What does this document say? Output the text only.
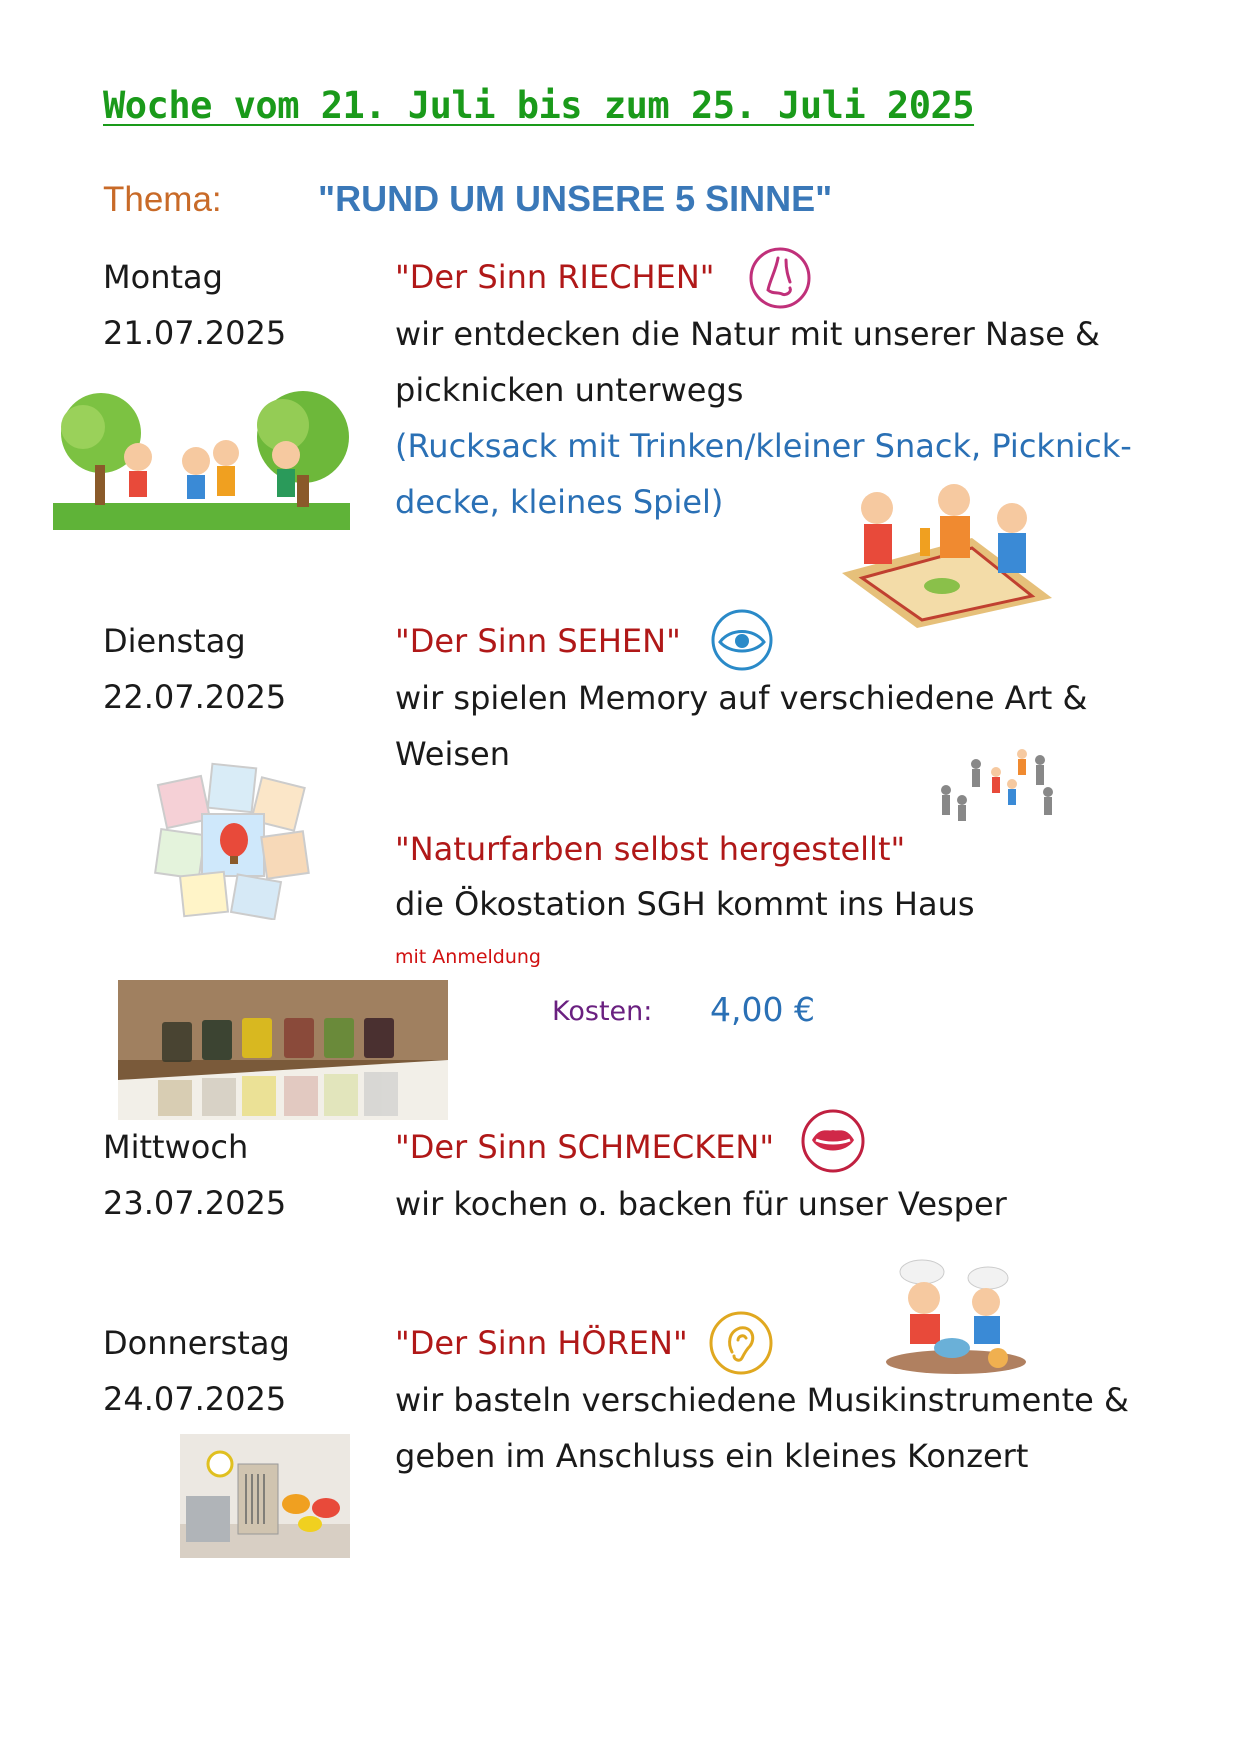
Woche vom 21. Juli bis zum 25. Juli 2025
Thema:	"RUND UM UNSERE 5 SINNE"
Montag
21.07.2025
"Der Sinn RIECHEN"
wir entdecken die Natur mit unserer Nase &
picknicken unterwegs
(Rucksack mit Trinken/kleiner Snack, Picknick-
decke, kleines Spiel)
Dienstag
22.07.2025
"Der Sinn SEHEN"
wir spielen Memory auf verschiedene Art &
Weisen
"Naturfarben selbst hergestellt"
die Ökostation SGH kommt ins Haus
mit Anmeldung
Kosten: 4,00 €
Mittwoch
23.07.2025
"Der Sinn SCHMECKEN"
wir kochen o. backen für unser Vesper
Donnerstag
24.07.2025
"Der Sinn HÖREN"
wir basteln verschiedene Musikinstrumente &
geben im Anschluss ein kleines Konzert
